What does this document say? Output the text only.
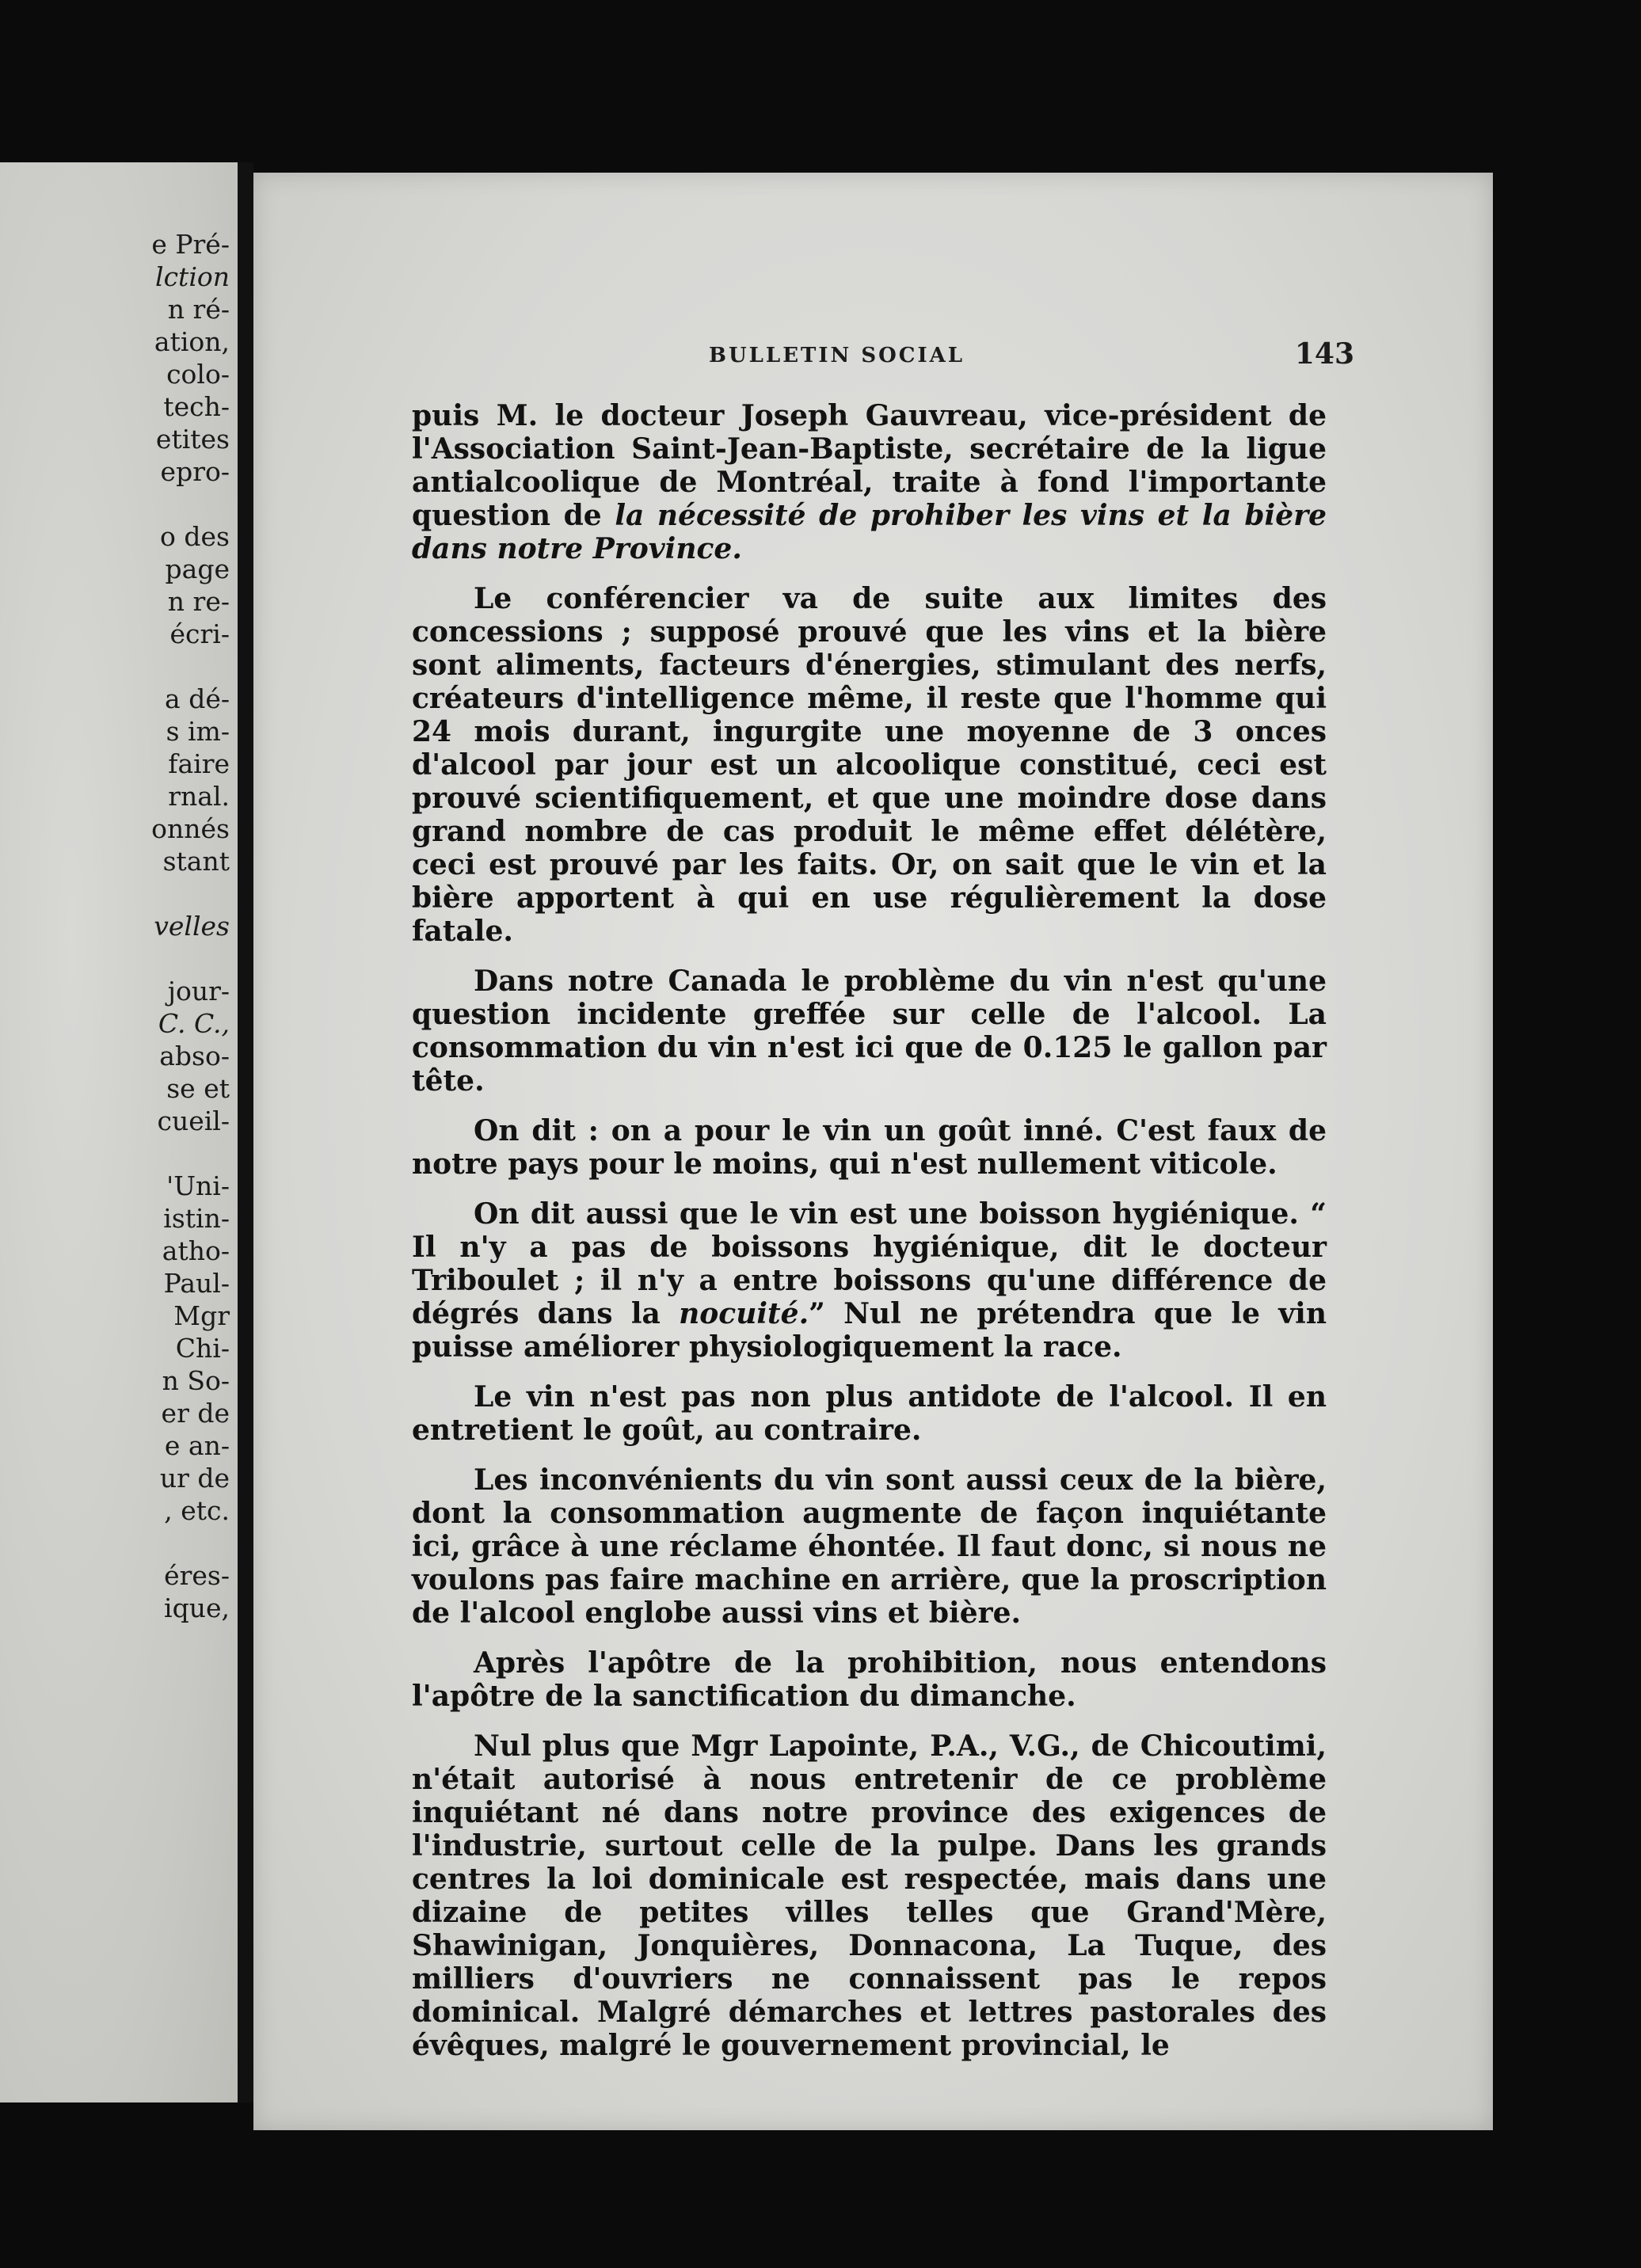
e Pré-
lction
n ré-
ation,
colo-
tech-
etites
epro-
o des
page
n re-
écri-
a dé-
s im-
faire
rnal.
onnés
stant
velles
jour-
C. C.,
abso-
se et
cueil-
'Uni-
istin-
atho-
Paul-
Mgr
Chi-
n So-
er de
e an-
ur de
, etc.
éres-
ique,
BULLETIN SOCIAL	143

puis M. le docteur Joseph Gauvreau, vice-président de l'Association Saint-Jean-Baptiste, secrétaire de la ligue antialcoolique de Montréal, traite à fond l'importante question de la nécessité de prohiber les vins et la bière dans notre Province.

Le conférencier va de suite aux limites des concessions ; supposé prouvé que les vins et la bière sont aliments, facteurs d'énergies, stimulant des nerfs, créateurs d'intelligence même, il reste que l'homme qui 24 mois durant, ingurgite une moyenne de 3 onces d'alcool par jour est un alcoolique constitué, ceci est prouvé scientifiquement, et que une moindre dose dans grand nombre de cas produit le même effet délétère, ceci est prouvé par les faits. Or, on sait que le vin et la bière apportent à qui en use régulièrement la dose fatale.

Dans notre Canada le problème du vin n'est qu'une question incidente greffée sur celle de l'alcool. La consommation du vin n'est ici que de 0.125 le gallon par tête.

On dit : on a pour le vin un goût inné. C'est faux de notre pays pour le moins, qui n'est nullement viticole.

On dit aussi que le vin est une boisson hygiénique. “ Il n'y a pas de boissons hygiénique, dit le docteur Triboulet ; il n'y a entre boissons qu'une différence de dégrés dans la nocuité.” Nul ne prétendra que le vin puisse améliorer physiologiquement la race.

Le vin n'est pas non plus antidote de l'alcool. Il en entretient le goût, au contraire.

Les inconvénients du vin sont aussi ceux de la bière, dont la consommation augmente de façon inquiétante ici, grâce à une réclame éhontée. Il faut donc, si nous ne voulons pas faire machine en arrière, que la proscription de l'alcool englobe aussi vins et bière.

Après l'apôtre de la prohibition, nous entendons l'apôtre de la sanctification du dimanche.

Nul plus que Mgr Lapointe, P.A., V.G., de Chicoutimi, n'était autorisé à nous entretenir de ce problème inquiétant né dans notre province des exigences de l'industrie, surtout celle de la pulpe. Dans les grands centres la loi dominicale est respectée, mais dans une dizaine de petites villes telles que Grand'Mère, Shawinigan, Jonquières, Donnacona, La Tuque, des milliers d'ouvriers ne connaissent pas le repos dominical. Malgré démarches et lettres pastorales des évêques, malgré le gouvernement provincial, le
